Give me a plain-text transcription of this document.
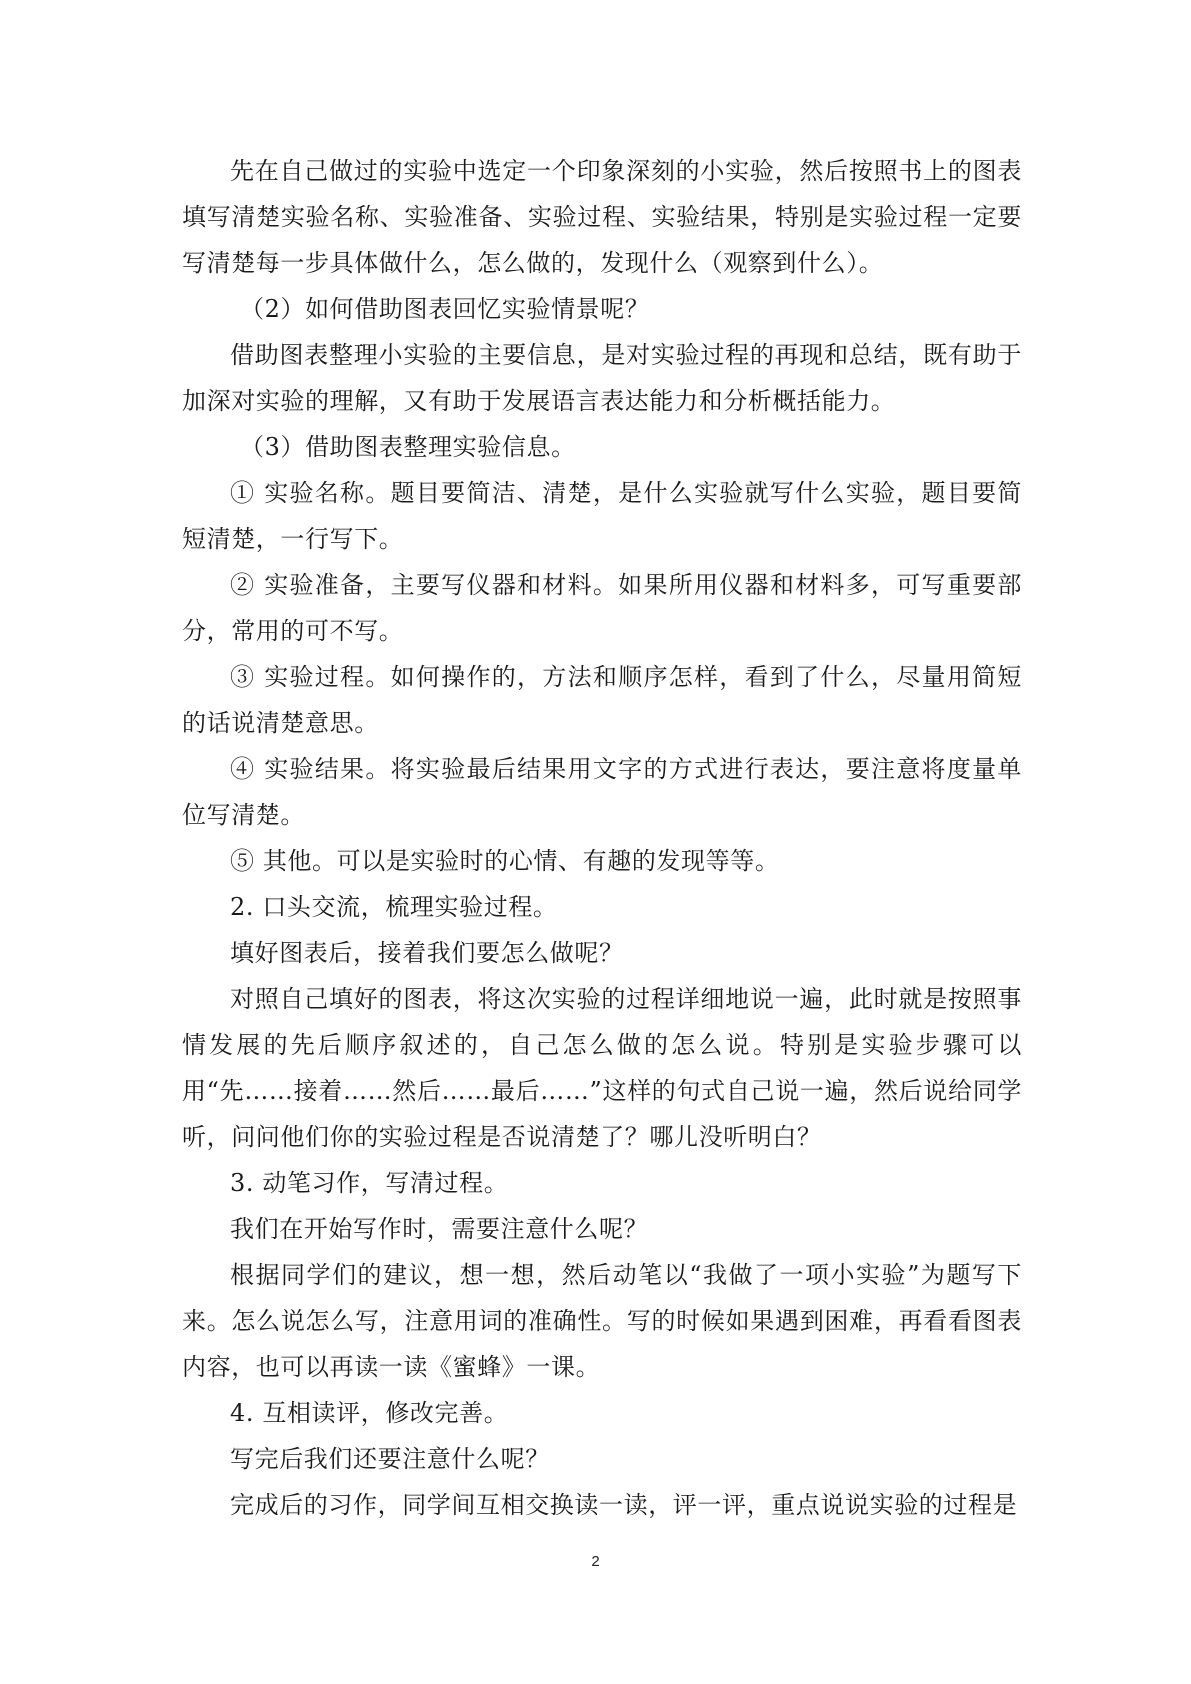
先在自己做过的实验中选定一个印象深刻的小实验，然后按照书上的图表填写清楚实验名称、实验准备、实验过程、实验结果，特别是实验过程一定要写清楚每一步具体做什么，怎么做的，发现什么（观察到什么）。

（2）如何借助图表回忆实验情景呢？

借助图表整理小实验的主要信息，是对实验过程的再现和总结，既有助于加深对实验的理解，又有助于发展语言表达能力和分析概括能力。

（3）借助图表整理实验信息。

① 实验名称。题目要简洁、清楚，是什么实验就写什么实验，题目要简短清楚，一行写下。

② 实验准备，主要写仪器和材料。如果所用仪器和材料多，可写重要部分，常用的可不写。

③ 实验过程。如何操作的，方法和顺序怎样，看到了什么，尽量用简短的话说清楚意思。

④ 实验结果。将实验最后结果用文字的方式进行表达，要注意将度量单位写清楚。

⑤ 其他。可以是实验时的心情、有趣的发现等等。

2. 口头交流，梳理实验过程。

填好图表后，接着我们要怎么做呢？

对照自己填好的图表，将这次实验的过程详细地说一遍，此时就是按照事情发展的先后顺序叙述的，自己怎么做的怎么说。特别是实验步骤可以用“先……接着……然后……最后……”这样的句式自己说一遍，然后说给同学听，问问他们你的实验过程是否说清楚了？哪儿没听明白？

3. 动笔习作，写清过程。

我们在开始写作时，需要注意什么呢？

根据同学们的建议，想一想，然后动笔以“我做了一项小实验”为题写下来。怎么说怎么写，注意用词的准确性。写的时候如果遇到困难，再看看图表内容，也可以再读一读《蜜蜂》一课。

4. 互相读评，修改完善。

写完后我们还要注意什么呢？

完成后的习作，同学间互相交换读一读，评一评，重点说说实验的过程是

2
